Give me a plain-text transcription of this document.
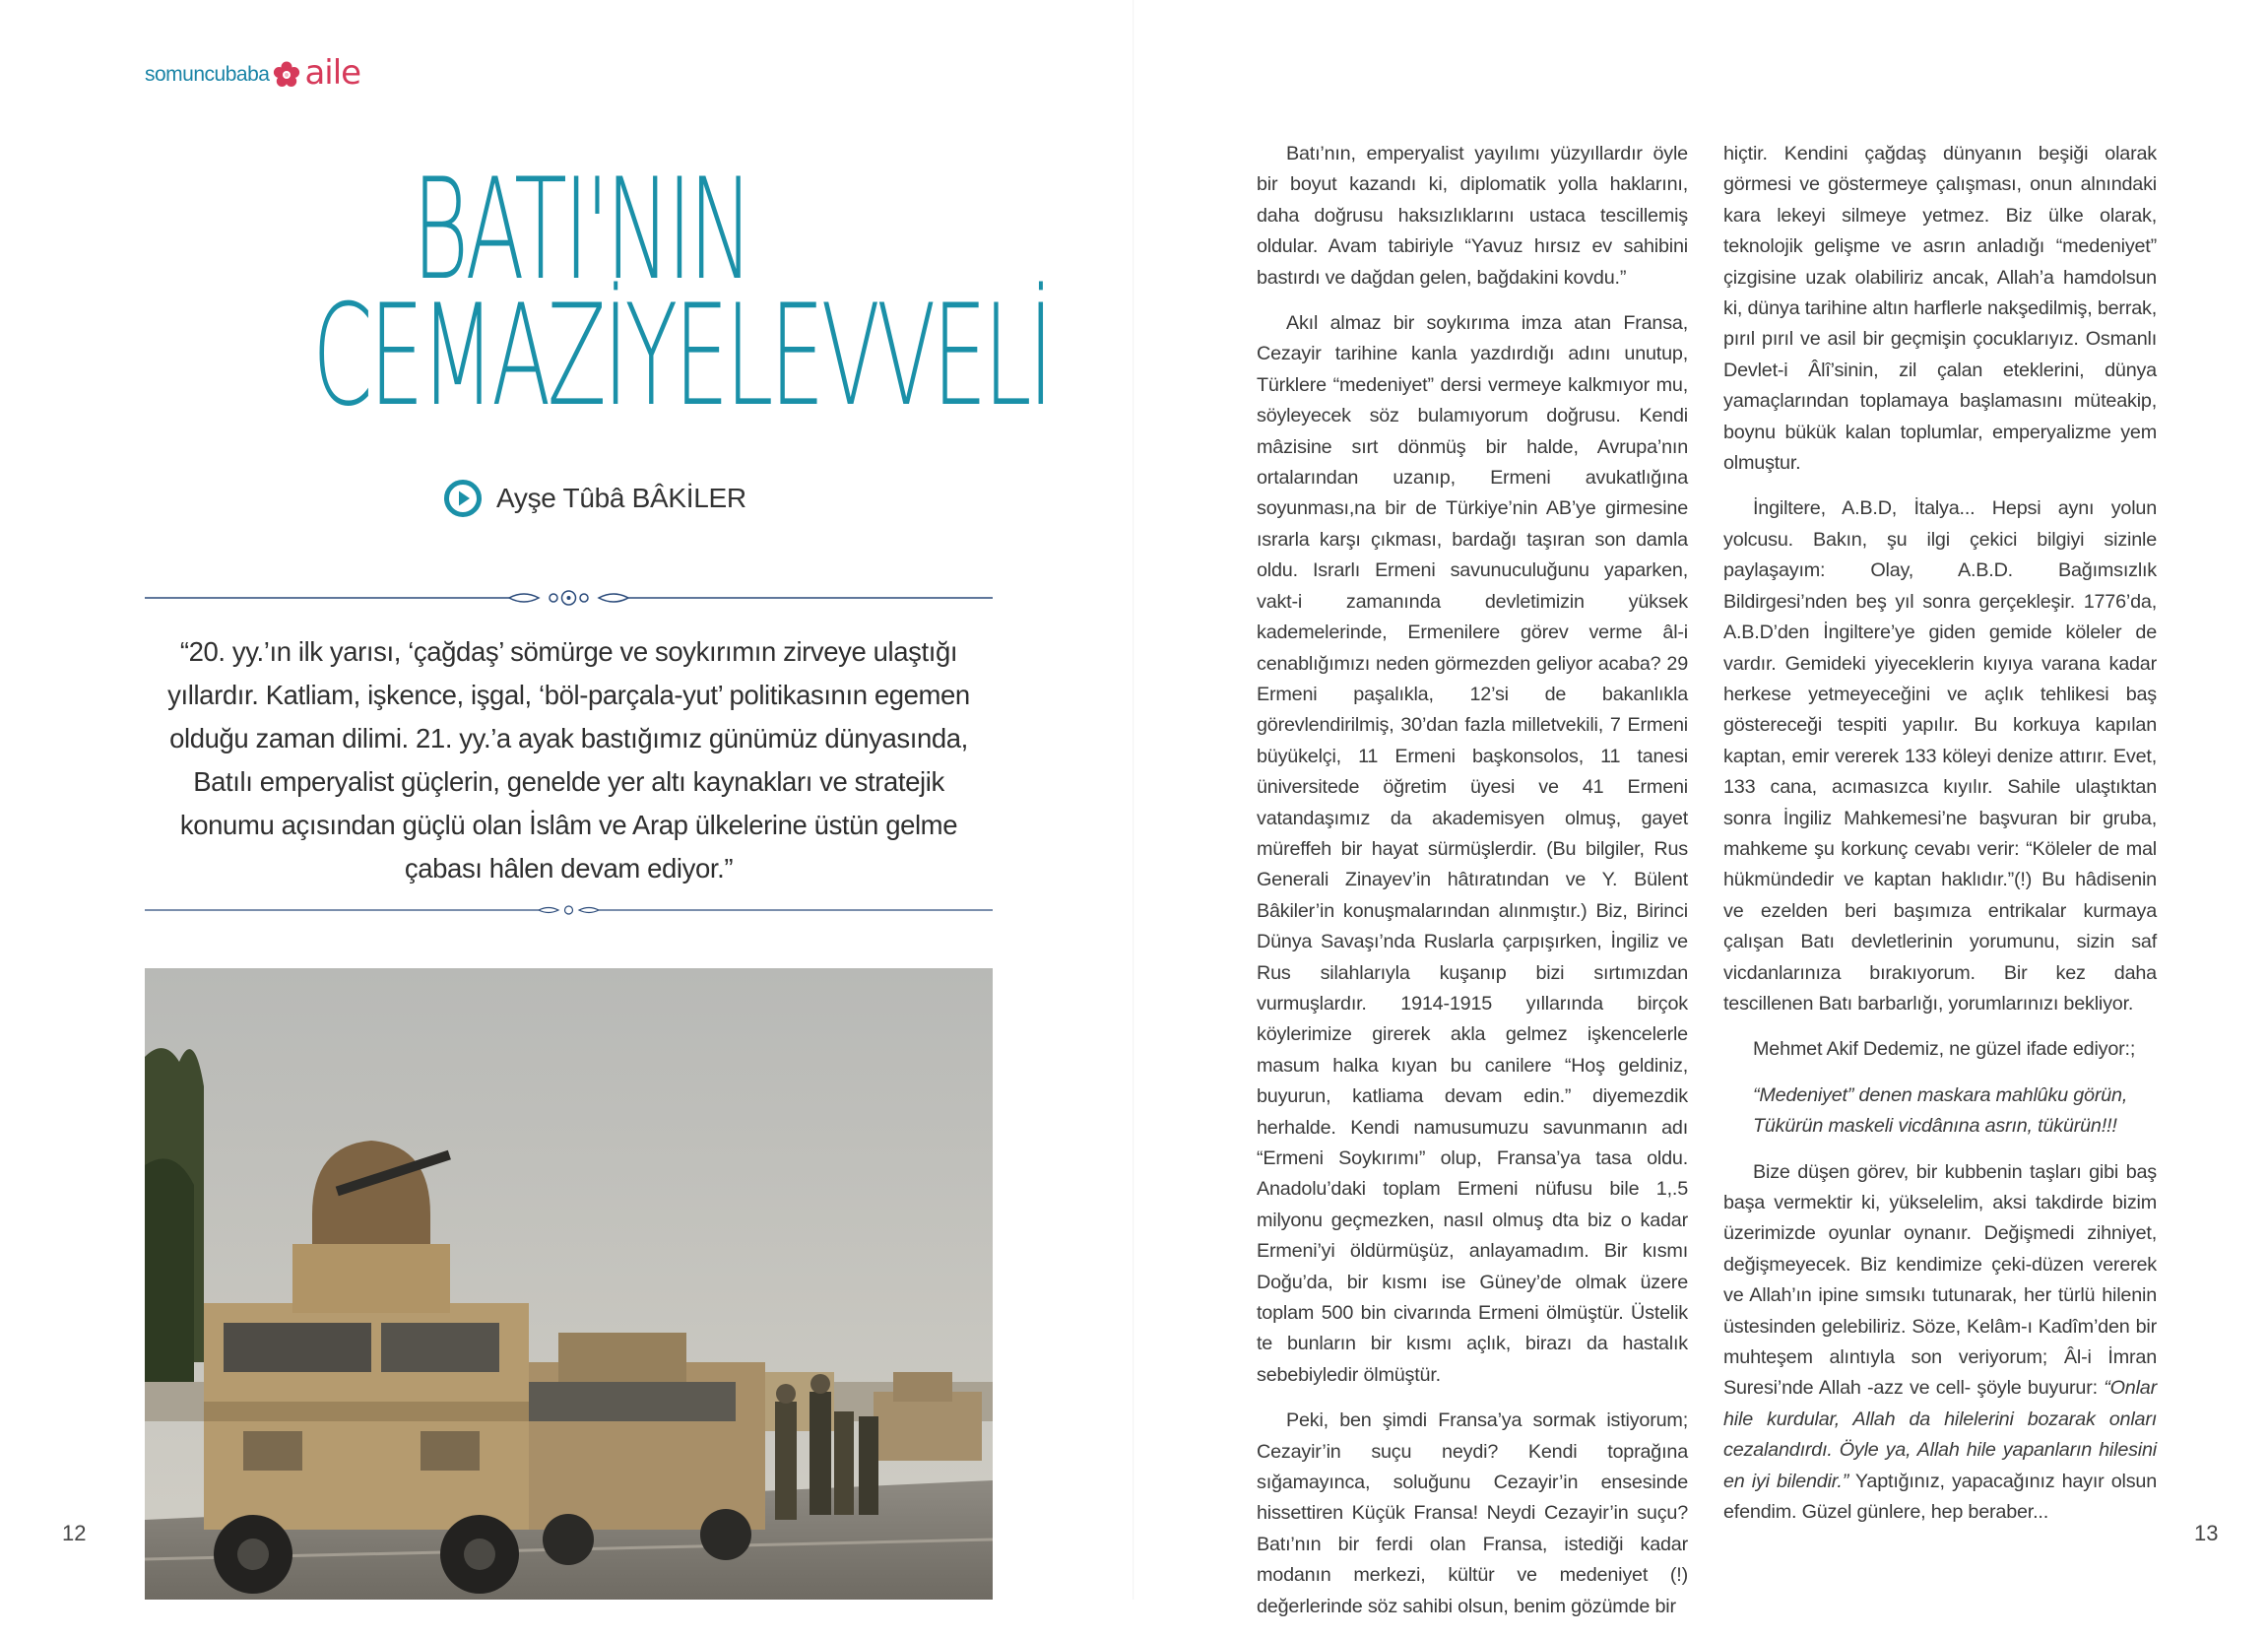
somuncubaba aile
BATI'NIN
CEMAZİYELEVVELİ
Ayşe Tûbâ BÂKİLER
“20. yy.’ın ilk yarısı, ‘çağdaş’ sömürge ve soykırımın zirveye ulaştığı yıllardır. Katliam, işkence, işgal, ‘böl-parçala-yut’ politikasının egemen olduğu zaman dilimi. 21. yy.’a ayak bastığımız günümüz dünyasında, Batılı emperyalist güçlerin, genelde yer altı kaynakları ve stratejik konumu açısından güçlü olan İslâm ve Arap ülkelerine üstün gelme çabası hâlen devam ediyor.”
12

Batı’nın, emperyalist yayılımı yüzyıllardır öyle bir boyut kazandı ki, diplomatik yolla haklarını, daha doğrusu haksızlıklarını ustaca tescillemiş oldular. Avam tabiriyle “Yavuz hırsız ev sahibini bastırdı ve dağdan gelen, bağdakini kovdu.”

Akıl almaz bir soykırıma imza atan Fransa, Cezayir tarihine kanla yazdırdığı adını unutup, Türklere “medeniyet” dersi vermeye kalkmıyor mu, söyleyecek söz bulamıyorum doğrusu. Kendi mâzisine sırt dönmüş bir halde, Avrupa’nın ortalarından uzanıp, Ermeni avukatlığına soyunması,na bir de Türkiye’nin AB’ye girmesine ısrarla karşı çıkması, bardağı taşıran son damla oldu. Israrlı Ermeni savunuculuğunu yaparken, vakt-i zamanında devletimizin yüksek kademelerinde, Ermenilere görev verme âl-i cenablığımızı neden görmezden geliyor acaba? 29 Ermeni paşalıkla, 12’si de bakanlıkla görevlendirilmiş, 30’dan fazla milletvekili, 7 Ermeni büyükelçi, 11 Ermeni başkonsolos, 11 tanesi üniversitede öğretim üyesi ve 41 Ermeni vatandaşımız da akademisyen olmuş, gayet müreffeh bir hayat sürmüşlerdir. (Bu bilgiler, Rus Generali Zinayev’in hâtıratından ve Y. Bülent Bâkiler’in konuşmalarından alınmıştır.) Biz, Birinci Dünya Savaşı’nda Ruslarla çarpışırken, İngiliz ve Rus silahlarıyla kuşanıp bizi sırtımızdan vurmuşlardır. 1914-1915 yıllarında birçok köylerimize girerek akla gelmez işkencelerle masum halka kıyan bu canilere “Hoş geldiniz, buyurun, katliama devam edin.” diyemezdik herhalde. Kendi namusumuzu savunmanın adı “Ermeni Soykırımı” olup, Fransa’ya tasa oldu. Anadolu’daki toplam Ermeni nüfusu bile 1,.5 milyonu geçmezken, nasıl olmuş dta biz o kadar Ermeni’yi öldürmüşüz, anlayamadım. Bir kısmı Doğu’da, bir kısmı ise Güney’de olmak üzere toplam 500 bin civarında Ermeni ölmüştür. Üstelik te bunların bir kısmı açlık, birazı da hastalık sebebiyledir ölmüştür.

Peki, ben şimdi Fransa’ya sormak istiyorum; Cezayir’in suçu neydi? Kendi toprağına sığamayınca, soluğunu Cezayir’in ensesinde hissettiren Küçük Fransa! Neydi Cezayir’in suçu? Batı’nın bir ferdi olan Fransa, istediği kadar modanın merkezi, kültür ve medeniyet (!) değerlerinde söz sahibi olsun, benim gözümde bir

hiçtir. Kendini çağdaş dünyanın beşiği olarak görmesi ve göstermeye çalışması, onun alnındaki kara lekeyi silmeye yetmez. Biz ülke olarak, teknolojik gelişme ve asrın anladığı “medeniyet” çizgisine uzak olabiliriz ancak, Allah’a hamdolsun ki, dünya tarihine altın harflerle nakşedilmiş, berrak, pırıl pırıl ve asil bir geçmişin çocuklarıyız. Osmanlı Devlet-i Âlî’sinin, zil çalan eteklerini, dünya yamaçlarından toplamaya başlamasını müteakip, boynu bükük kalan toplumlar, emperyalizme yem olmuştur.

İngiltere, A.B.D, İtalya... Hepsi aynı yolun yolcusu. Bakın, şu ilgi çekici bilgiyi sizinle paylaşayım: Olay, A.B.D. Bağımsızlık Bildirgesi’nden beş yıl sonra gerçekleşir. 1776’da, A.B.D’den İngiltere’ye giden gemide köleler de vardır. Gemideki yiyeceklerin kıyıya varana kadar herkese yetmeyeceğini ve açlık tehlikesi baş göstereceği tespiti yapılır. Bu korkuya kapılan kaptan, emir vererek 133 köleyi denize attırır. Evet, 133 cana, acımasızca kıyılır. Sahile ulaştıktan sonra İngiliz Mahkemesi’ne başvuran bir gruba, mahkeme şu korkunç cevabı verir: “Köleler de mal hükmündedir ve kaptan haklıdır.”(!) Bu hâdisenin ve ezelden beri başımıza entrikalar kurmaya çalışan Batı devletlerinin yorumunu, sizin saf vicdanlarınıza bırakıyorum. Bir kez daha tescillenen Batı barbarlığı, yorumlarınızı bekliyor.

Mehmet Akif Dedemiz, ne güzel ifade ediyor:;

“Medeniyet” denen maskara mahlûku görün,

Tükürün maskeli vicdânına asrın, tükürün!!!

Bize düşen görev, bir kubbenin taşları gibi baş başa vermektir ki, yükselelim, aksi takdirde bizim üzerimizde oyunlar oynanır. Değişmedi zihniyet, değişmeyecek. Biz kendimize çeki-düzen vererek ve Allah’ın ipine sımsıkı tutunarak, her türlü hilenin üstesinden gelebiliriz. Söze, Kelâm-ı Kadîm’den bir muhteşem alıntıyla son veriyorum; Âl-i İmran Suresi’nde Allah -azz ve cell- şöyle buyurur: “Onlar hile kurdular, Allah da hilelerini bozarak onları cezalandırdı. Öyle ya, Allah hile yapanların hilesini en iyi bilendir.” Yaptığınız, yapacağınız hayır olsun efendim. Güzel günlere, hep beraber...

13
